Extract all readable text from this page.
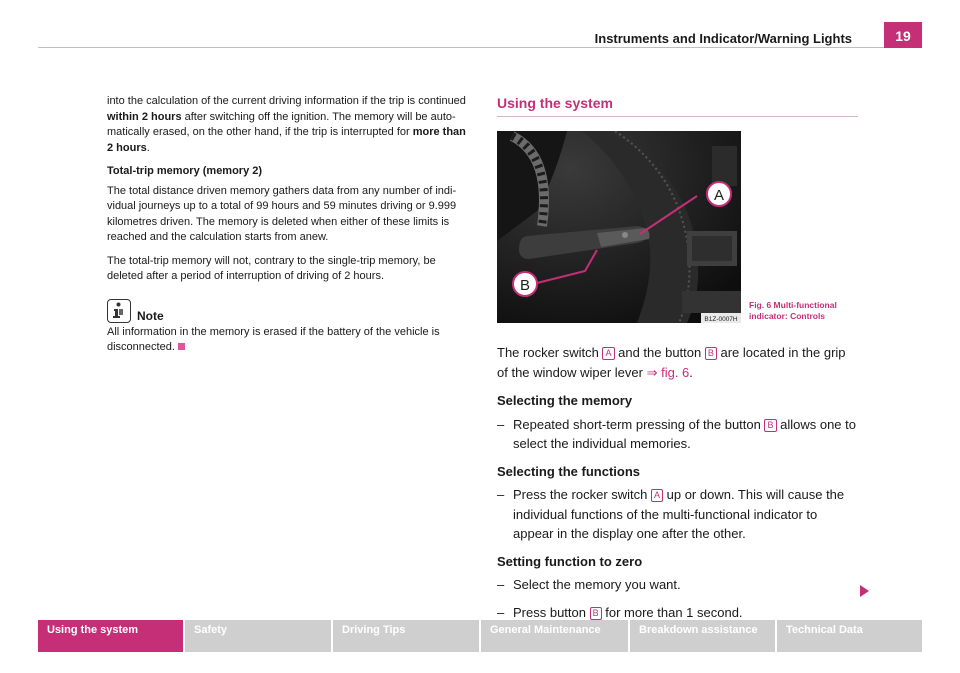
Instruments and Indicator/Warning Lights	19

into the calculation of the current driving information if the trip is continued within 2 hours after switching off the ignition. The memory will be auto-matically erased, on the other hand, if the trip is interrupted for more than 2 hours.

Total-trip memory (memory 2)

The total distance driven memory gathers data from any number of indi-vidual journeys up to a total of 99 hours and 59 minutes driving or 9.999 kilometres driven. The memory is deleted when either of these limits is reached and the calculation starts from anew.

The total-trip memory will not, contrary to the single-trip memory, be deleted after a period of interruption of driving of 2 hours.

Note

All information in the memory is erased if the battery of the vehicle is disconnected.

Using the system
A
B
B1Z-0007H
Fig. 6 Multi-functional indicator: Controls

The rocker switch A and the button B are located in the grip of the window wiper lever ⇒ fig. 6.

Selecting the memory

– Repeated short-term pressing of the button B allows one to select the individual memories.

Selecting the functions

– Press the rocker switch A up or down. This will cause the individual functions of the multi-functional indicator to appear in the display one after the other.

Setting function to zero

– Select the memory you want.
– Press button B for more than 1 second.
Using the system	Safety	Driving Tips	General Maintenance	Breakdown assistance	Technical Data
